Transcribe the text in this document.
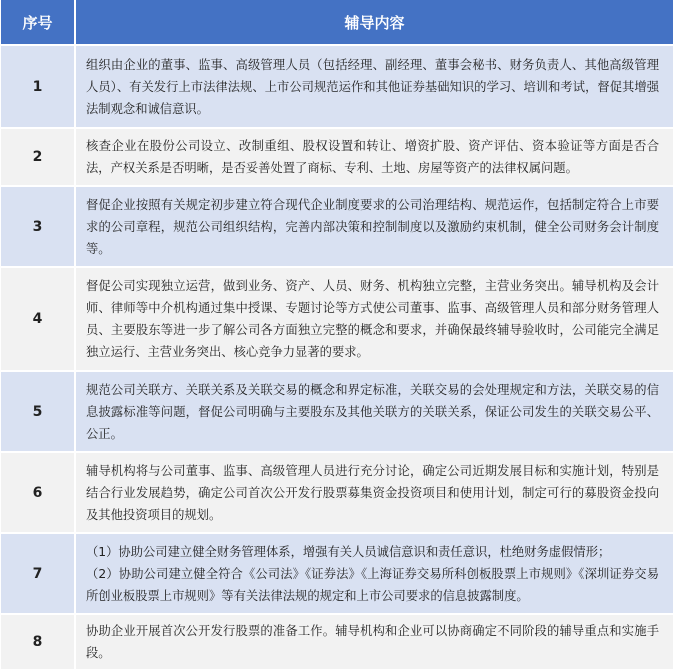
序号	辅导内容
1	组织由企业的董事、监事、高级管理人员（包括经理、副经理、董事会秘书、财务负责人、其他高级管理人员）、有关发行上市法律法规、上市公司规范运作和其他证券基础知识的学习、培训和考试，督促其增强法制观念和诚信意识。

2	核查企业在股份公司设立、改制重组、股权设置和转让、增资扩股、资产评估、资本验证等方面是否合法，产权关系是否明晰，是否妥善处置了商标、专利、土地、房屋等资产的法律权属问题。

3	督促企业按照有关规定初步建立符合现代企业制度要求的公司治理结构、规范运作，包括制定符合上市要求的公司章程，规范公司组织结构，完善内部决策和控制制度以及激励约束机制，健全公司财务会计制度等。

4	督促公司实现独立运营，做到业务、资产、人员、财务、机构独立完整，主营业务突出。辅导机构及会计师、律师等中介机构通过集中授课、专题讨论等方式使公司董事、监事、高级管理人员和部分财务管理人员、主要股东等进一步了解公司各方面独立完整的概念和要求，并确保最终辅导验收时，公司能完全满足独立运行、主营业务突出、核心竞争力显著的要求。

5	规范公司关联方、关联关系及关联交易的概念和界定标准，关联交易的会处理规定和方法，关联交易的信息披露标准等问题，督促公司明确与主要股东及其他关联方的关联关系，保证公司发生的关联交易公平、公正。

6	辅导机构将与公司董事、监事、高级管理人员进行充分讨论，确定公司近期发展目标和实施计划，特别是结合行业发展趋势，确定公司首次公开发行股票募集资金投资项目和使用计划，制定可行的募股资金投向及其他投资项目的规划。

7	（1）协助公司建立健全财务管理体系，增强有关人员诚信意识和责任意识，杜绝财务虚假情形；
（2）协助公司建立健全符合《公司法》《证券法》《上海证券交易所科创板股票上市规则》《深圳证券交易所创业板股票上市规则》等有关法律法规的规定和上市公司要求的信息披露制度。

8	协助企业开展首次公开发行股票的准备工作。辅导机构和企业可以协商确定不同阶段的辅导重点和实施手段。
